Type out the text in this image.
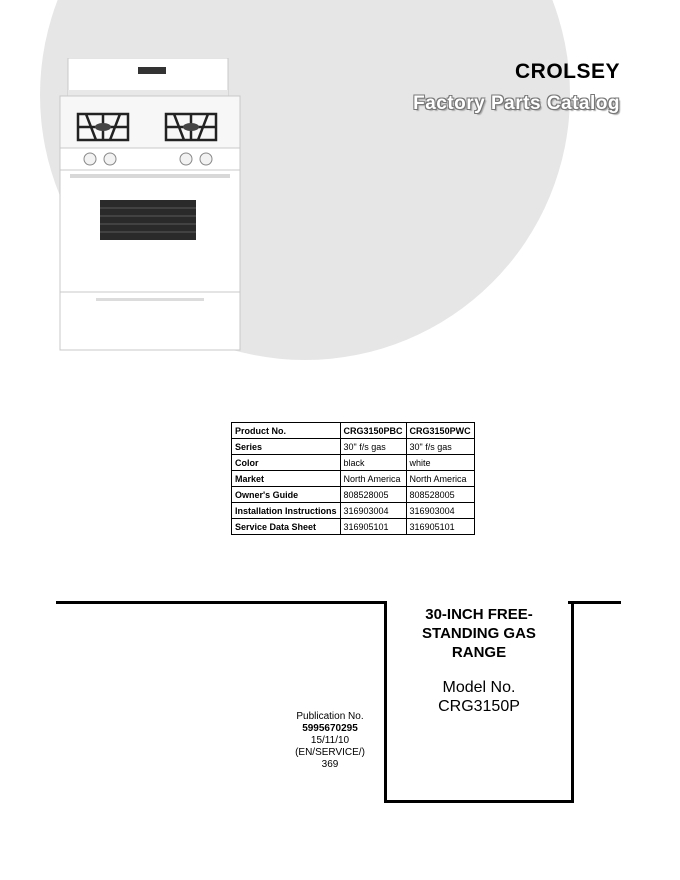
CROLSEY
Factory Parts Catalog
Product No.	CRG3150PBC	CRG3150PWC
Series	30" f/s gas	30" f/s gas
Color	black	white
Market	North America	North America
Owner's Guide	808528005	808528005
Installation Instructions	316903004	316903004
Service Data Sheet	316905101	316905101
30-INCH FREE-
STANDING GAS
RANGE
Model No.
CRG3150P
Publication No.
5995670295
15/11/10
(EN/SERVICE/)
369
